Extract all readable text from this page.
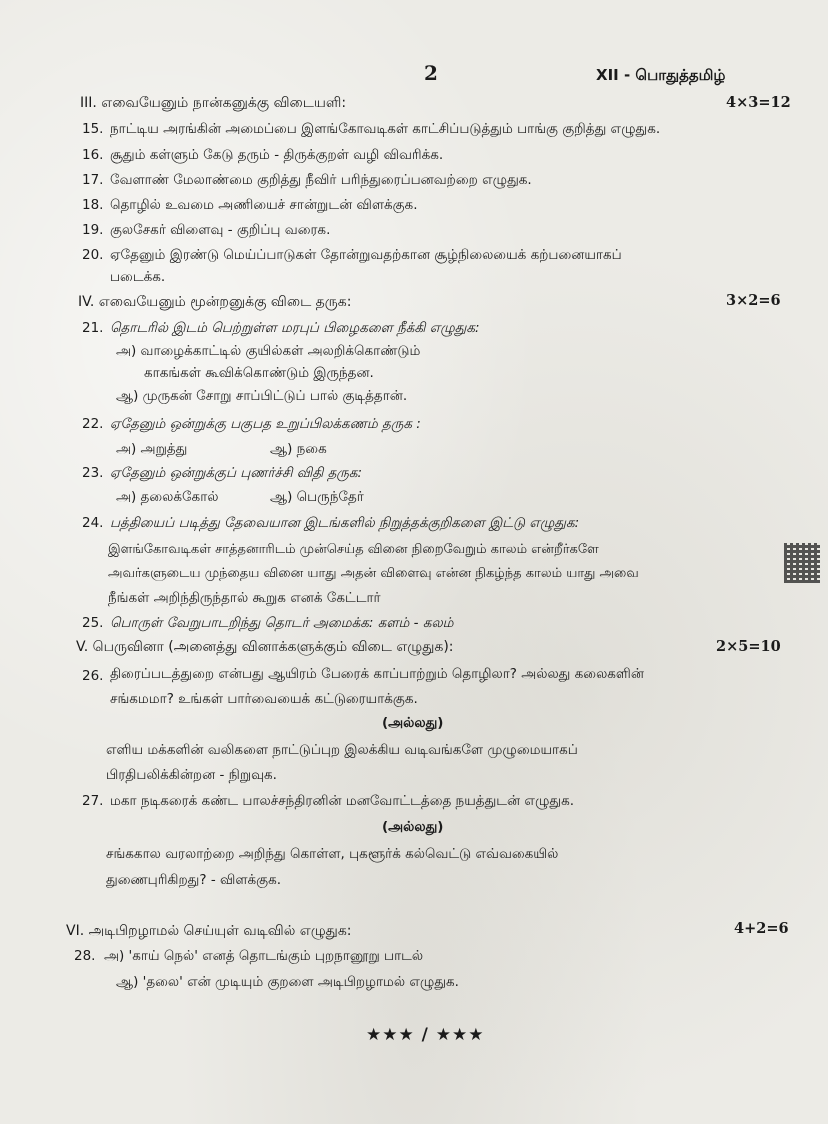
2	XII - பொதுத்தமிழ்
III. எவையேனும் நான்கனுக்கு விடையளி:	4×3=12
15. நாட்டிய அரங்கின் அமைப்பை இளங்கோவடிகள் காட்சிப்படுத்தும் பாங்கு குறித்து எழுதுக.
16. சூதும் கள்ளும் கேடு தரும் - திருக்குறள் வழி விவரிக்க.
17. வேளாண் மேலாண்மை குறித்து நீவிர் பரிந்துரைப்பனவற்றை எழுதுக.
18. தொழில் உவமை அணியைச் சான்றுடன் விளக்குக.
19. குலசேகர் விளைவு - குறிப்பு வரைக.
20. ஏதேனும் இரண்டு மெய்ப்பாடுகள் தோன்றுவதற்கான சூழ்நிலையைக் கற்பனையாகப்
படைக்க.
IV. எவையேனும் மூன்றனுக்கு விடை தருக:	3×2=6
21. தொடரில் இடம் பெற்றுள்ள மரபுப் பிழைகளை நீக்கி எழுதுக:
அ) வாழைக்காட்டில் குயில்கள் அலறிக்கொண்டும்
காகங்கள் கூவிக்கொண்டும் இருந்தன.
ஆ) முருகன் சோறு சாப்பிட்டுப் பால் குடித்தான்.
22. ஏதேனும் ஒன்றுக்கு பகுபத உறுப்பிலக்கணம் தருக :
அ) அறுத்து	ஆ) நகை
23. ஏதேனும் ஒன்றுக்குப் புணர்ச்சி விதி தருக:
அ) தலைக்கோல்	ஆ) பெருந்தேர்
24. பத்தியைப் படித்து தேவையான இடங்களில் நிறுத்தக்குறிகளை இட்டு எழுதுக:
இளங்கோவடிகள் சாத்தனாரிடம் முன்செய்த வினை நிறைவேறும் காலம் என்றீர்களே
அவர்களுடைய முந்தைய வினை யாது அதன் விளைவு என்ன நிகழ்ந்த காலம் யாது அவை
நீங்கள் அறிந்திருந்தால் கூறுக எனக் கேட்டார்
25. பொருள் வேறுபாடறிந்து தொடர் அமைக்க: களம் - கலம்
V. பெருவினா (அனைத்து வினாக்களுக்கும் விடை எழுதுக):	2×5=10
26. திரைப்படத்துறை என்பது ஆயிரம் பேரைக் காப்பாற்றும் தொழிலா? அல்லது கலைகளின்
சங்கமமா? உங்கள் பார்வையைக் கட்டுரையாக்குக.
(அல்லது)
எளிய மக்களின் வலிகளை நாட்டுப்புற இலக்கிய வடிவங்களே முழுமையாகப்
பிரதிபலிக்கின்றன - நிறுவுக.
27. மகா நடிகரைக் கண்ட பாலச்சந்திரனின் மனவோட்டத்தை நயத்துடன் எழுதுக.
(அல்லது)
சங்ககால வரலாற்றை அறிந்து கொள்ள, புகளூர்க் கல்வெட்டு எவ்வகையில்
துணைபுரிகிறது? - விளக்குக.
VI. அடிபிறழாமல் செய்யுள் வடிவில் எழுதுக:	4+2=6
28. அ) 'காய் நெல்' எனத் தொடங்கும் புறநானூறு பாடல்
ஆ) 'தலை' என் முடியும் குறளை அடிபிறழாமல் எழுதுக.
★★★ / ★★★
